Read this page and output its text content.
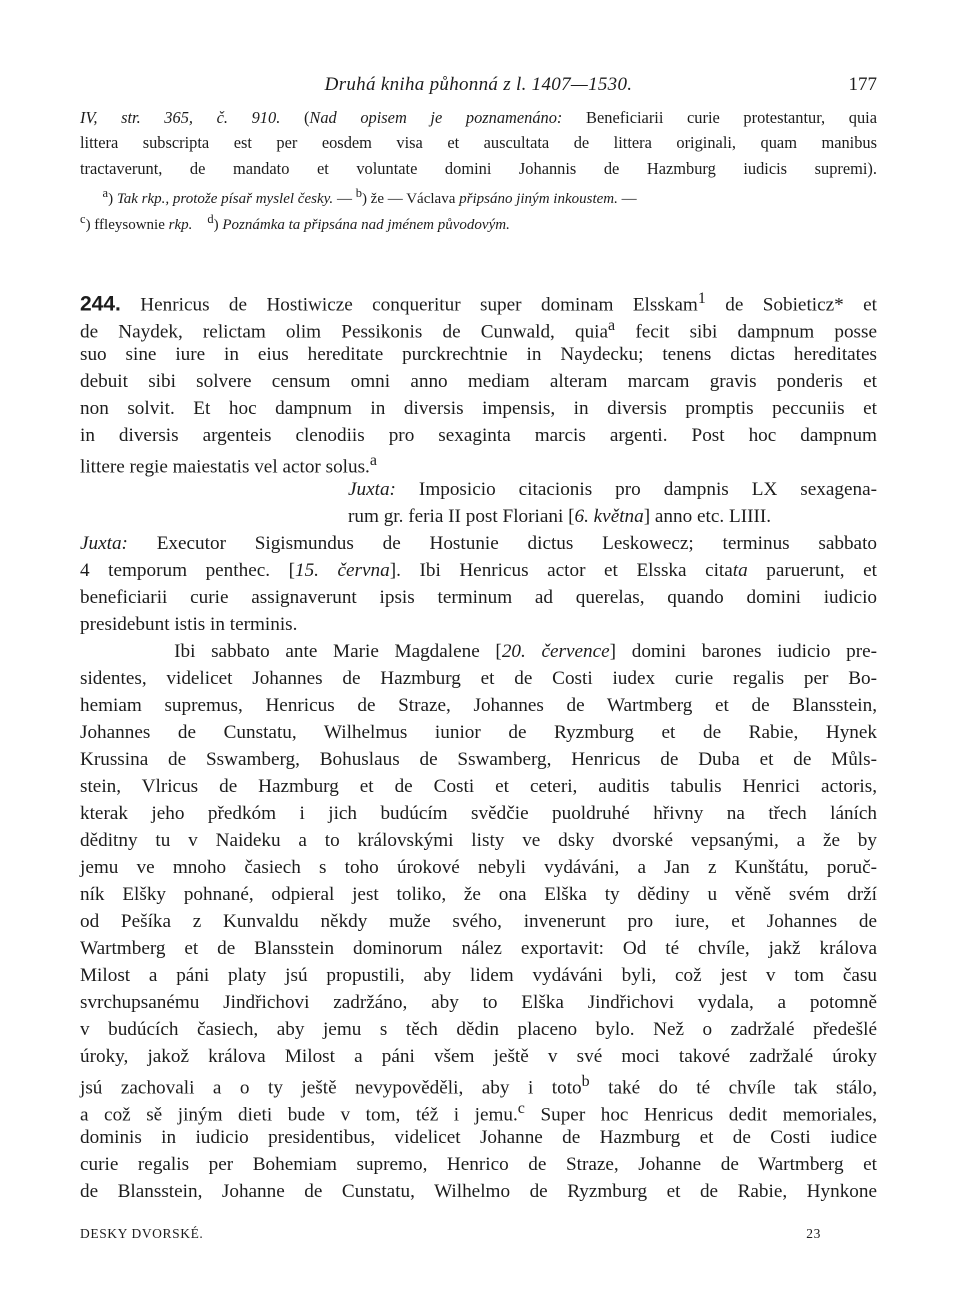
Druhá kniha půhonná z l. 1407—1530.	177
IV, str. 365, č. 910. (Nad opisem je poznamenáno: Beneficiarii curie protestantur, quia
littera subscripta est per eosdem visa et auscultata de littera originali, quam manibus
tractaverunt, de mandato et voluntate domini Johannis de Hazmburg iudicis supremi).
$^a$) Tak rkp., protože písař myslel česky. — $^b$) že — Václava připsáno jiným inkoustem. —
$^c$) ffleysownie rkp. $^d$) Poznámka ta připsána nad jménem původovým.
244. Henricus de Hostiwicze conqueritur super dominam Elsskam$^1$ de Sobieticz* et
de Naydek, relictam olim Pessikonis de Cunwald, quia$^a$ fecit sibi dampnum posse
suo sine iure in eius hereditate purckrechtnie in Naydecku; tenens dictas hereditates
debuit sibi solvere censum omni anno mediam alteram marcam gravis ponderis et
non solvit. Et hoc dampnum in diversis impensis, in diversis promptis peccuniis et
in diversis argenteis clenodiis pro sexaginta marcis argenti. Post hoc dampnum
littere regie maiestatis vel actor solus.$^a$
Juxta: Imposicio citacionis pro dampnis LX sexagena-
rum gr. feria II post Floriani [6. května] anno etc. LIIII.
Juxta: Executor Sigismundus de Hostunie dictus Leskowecz; terminus sabbato
4 temporum penthec. [15. června]. Ibi Henricus actor et Elsska citata paruerunt, et
beneficiarii curie assignaverunt ipsis terminum ad querelas, quando domini iudicio
presidebunt istis in terminis.
Ibi sabbato ante Marie Magdalene [20. července] domini barones iudicio pre-
sidentes, videlicet Johannes de Hazmburg et de Costi iudex curie regalis per Bo-
hemiam supremus, Henricus de Straze, Johannes de Wartmberg et de Blansstein,
Johannes de Cunstatu, Wilhelmus iunior de Ryzmburg et de Rabie, Hynek
Krussina de Sswamberg, Bohuslaus de Sswamberg, Henricus de Duba et de Můls-
stein, Vlricus de Hazmburg et de Costi et ceteri, auditis tabulis Henrici actoris,
kterak jeho předkóm i jich budúcím svědčie puoldruhé hřivny na třech láních
děditny tu v Naideku a to královskými listy ve dsky dvorské vepsanými, a že by
jemu ve mnoho časiech s toho úrokové nebyli vydáváni, a Jan z Kunštátu, poruč-
ník Elšky pohnané, odpieral jest toliko, že ona Elška ty dědiny u věně svém drží
od Pešíka z Kunvaldu někdy muže svého, invenerunt pro iure, et Johannes de
Wartmberg et de Blansstein dominorum nález exportavit: Od té chvíle, jakž králova
Milost a páni platy jsú propustili, aby lidem vydáváni byli, což jest v tom času
svrchupsanému Jindřichovi zadržáno, aby to Elška Jindřichovi vydala, a potomně
v budúcích časiech, aby jemu s těch dědin placeno bylo. Než o zadržalé předešlé
úroky, jakož králova Milost a páni všem ještě v své moci takové zadržalé úroky
jsú zachovali a o ty ještě nevypověděli, aby i toto$^b$ také do té chvíle tak stálo,
a což sě jiným dieti bude v tom, též i jemu.$^c$ Super hoc Henricus dedit memoriales,
dominis in iudicio presidentibus, videlicet Johanne de Hazmburg et de Costi iudice
curie regalis per Bohemiam supremo, Henrico de Straze, Johanne de Wartmberg et
de Blansstein, Johanne de Cunstatu, Wilhelmo de Ryzmburg et de Rabie, Hynkone
DESKY DVORSKÉ.	23
